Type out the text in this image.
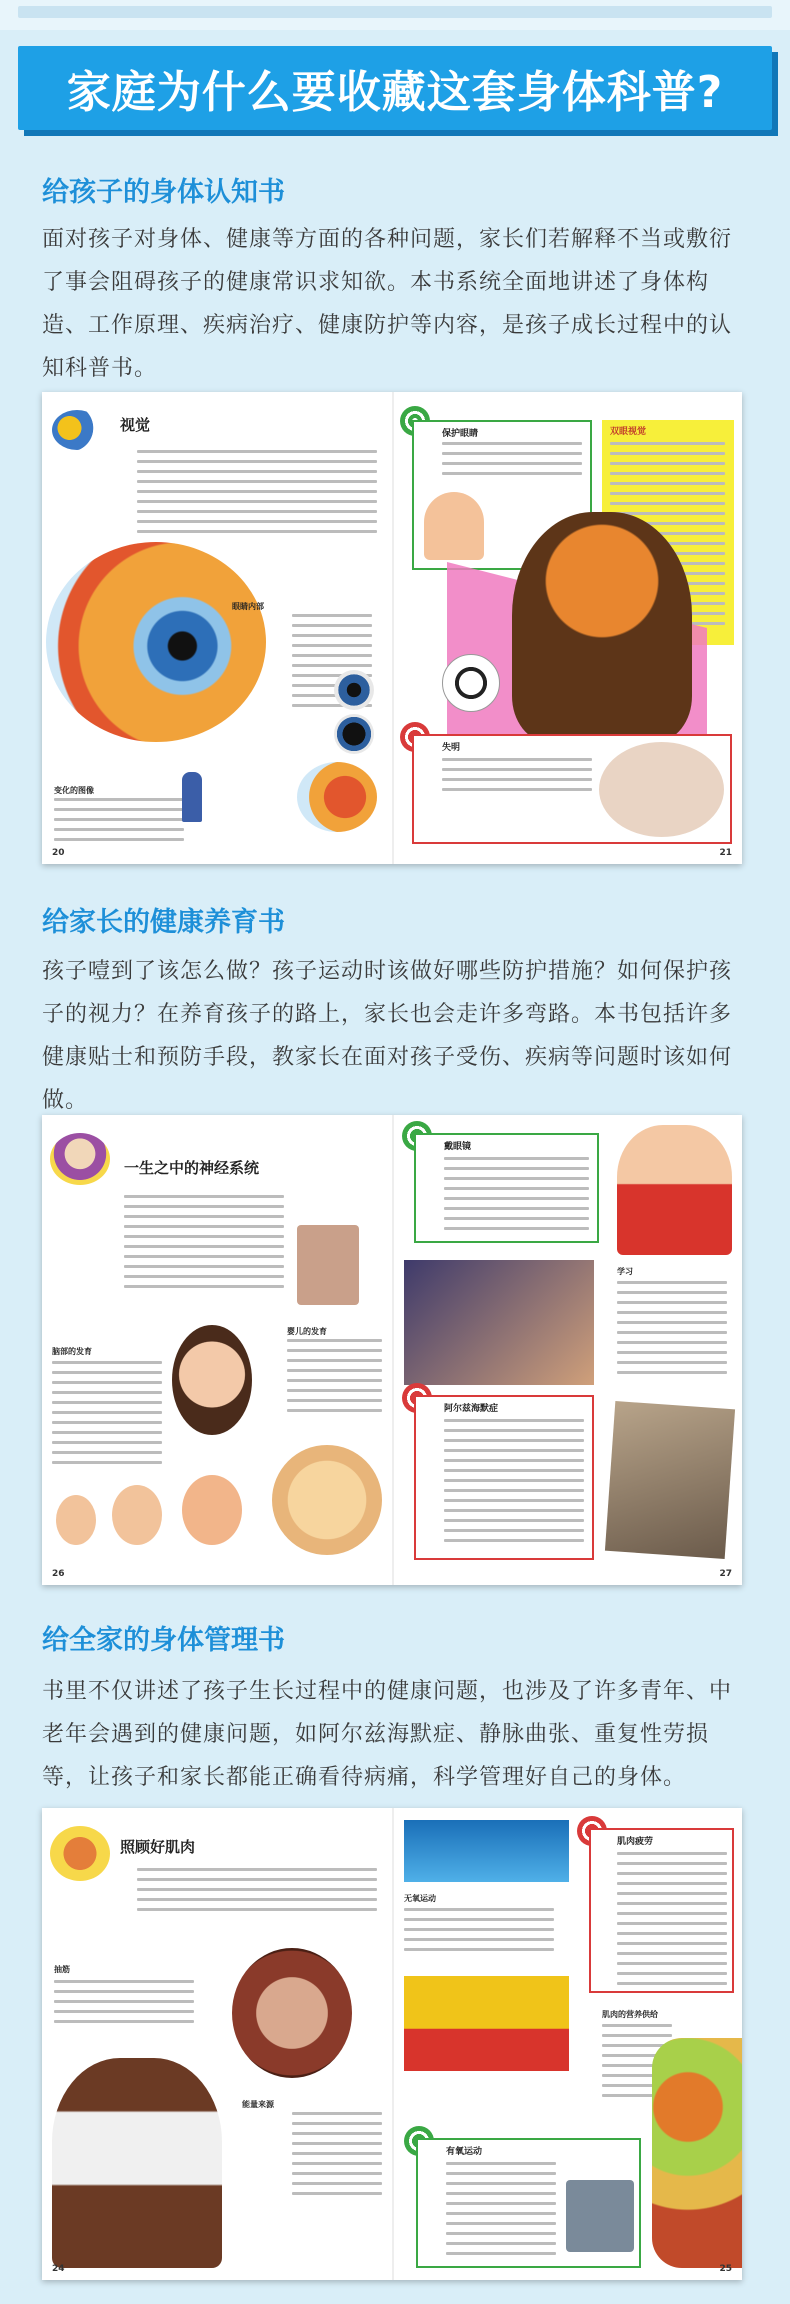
家庭为什么要收藏这套身体科普?
给孩子的身体认知书
面对孩子对身体、健康等方面的各种问题，家长们若解释不当或敷衍了事会阻碍孩子的健康常识求知欲。本书系统全面地讲述了身体构造、工作原理、疾病治疗、健康防护等内容，是孩子成长过程中的认知科普书。
视觉
眼睛内部
变化的图像
20
保护眼睛	双眼视觉
失明
21
给家长的健康养育书
孩子噎到了该怎么做？孩子运动时该做好哪些防护措施？如何保护孩子的视力？在养育孩子的路上，家长也会走许多弯路。本书包括许多健康贴士和预防手段，教家长在面对孩子受伤、疾病等问题时该如何做。
一生之中的神经系统
婴儿的发育
脑部的发育
26
戴眼镜
学习
阿尔兹海默症
27
给全家的身体管理书
书里不仅讲述了孩子生长过程中的健康问题，也涉及了许多青年、中老年会遇到的健康问题，如阿尔兹海默症、静脉曲张、重复性劳损等，让孩子和家长都能正确看待病痛，科学管理好自己的身体。
照顾好肌肉
抽筋
能量来源
24
无氧运动
肌肉疲劳
肌肉的营养供给
有氧运动
25
